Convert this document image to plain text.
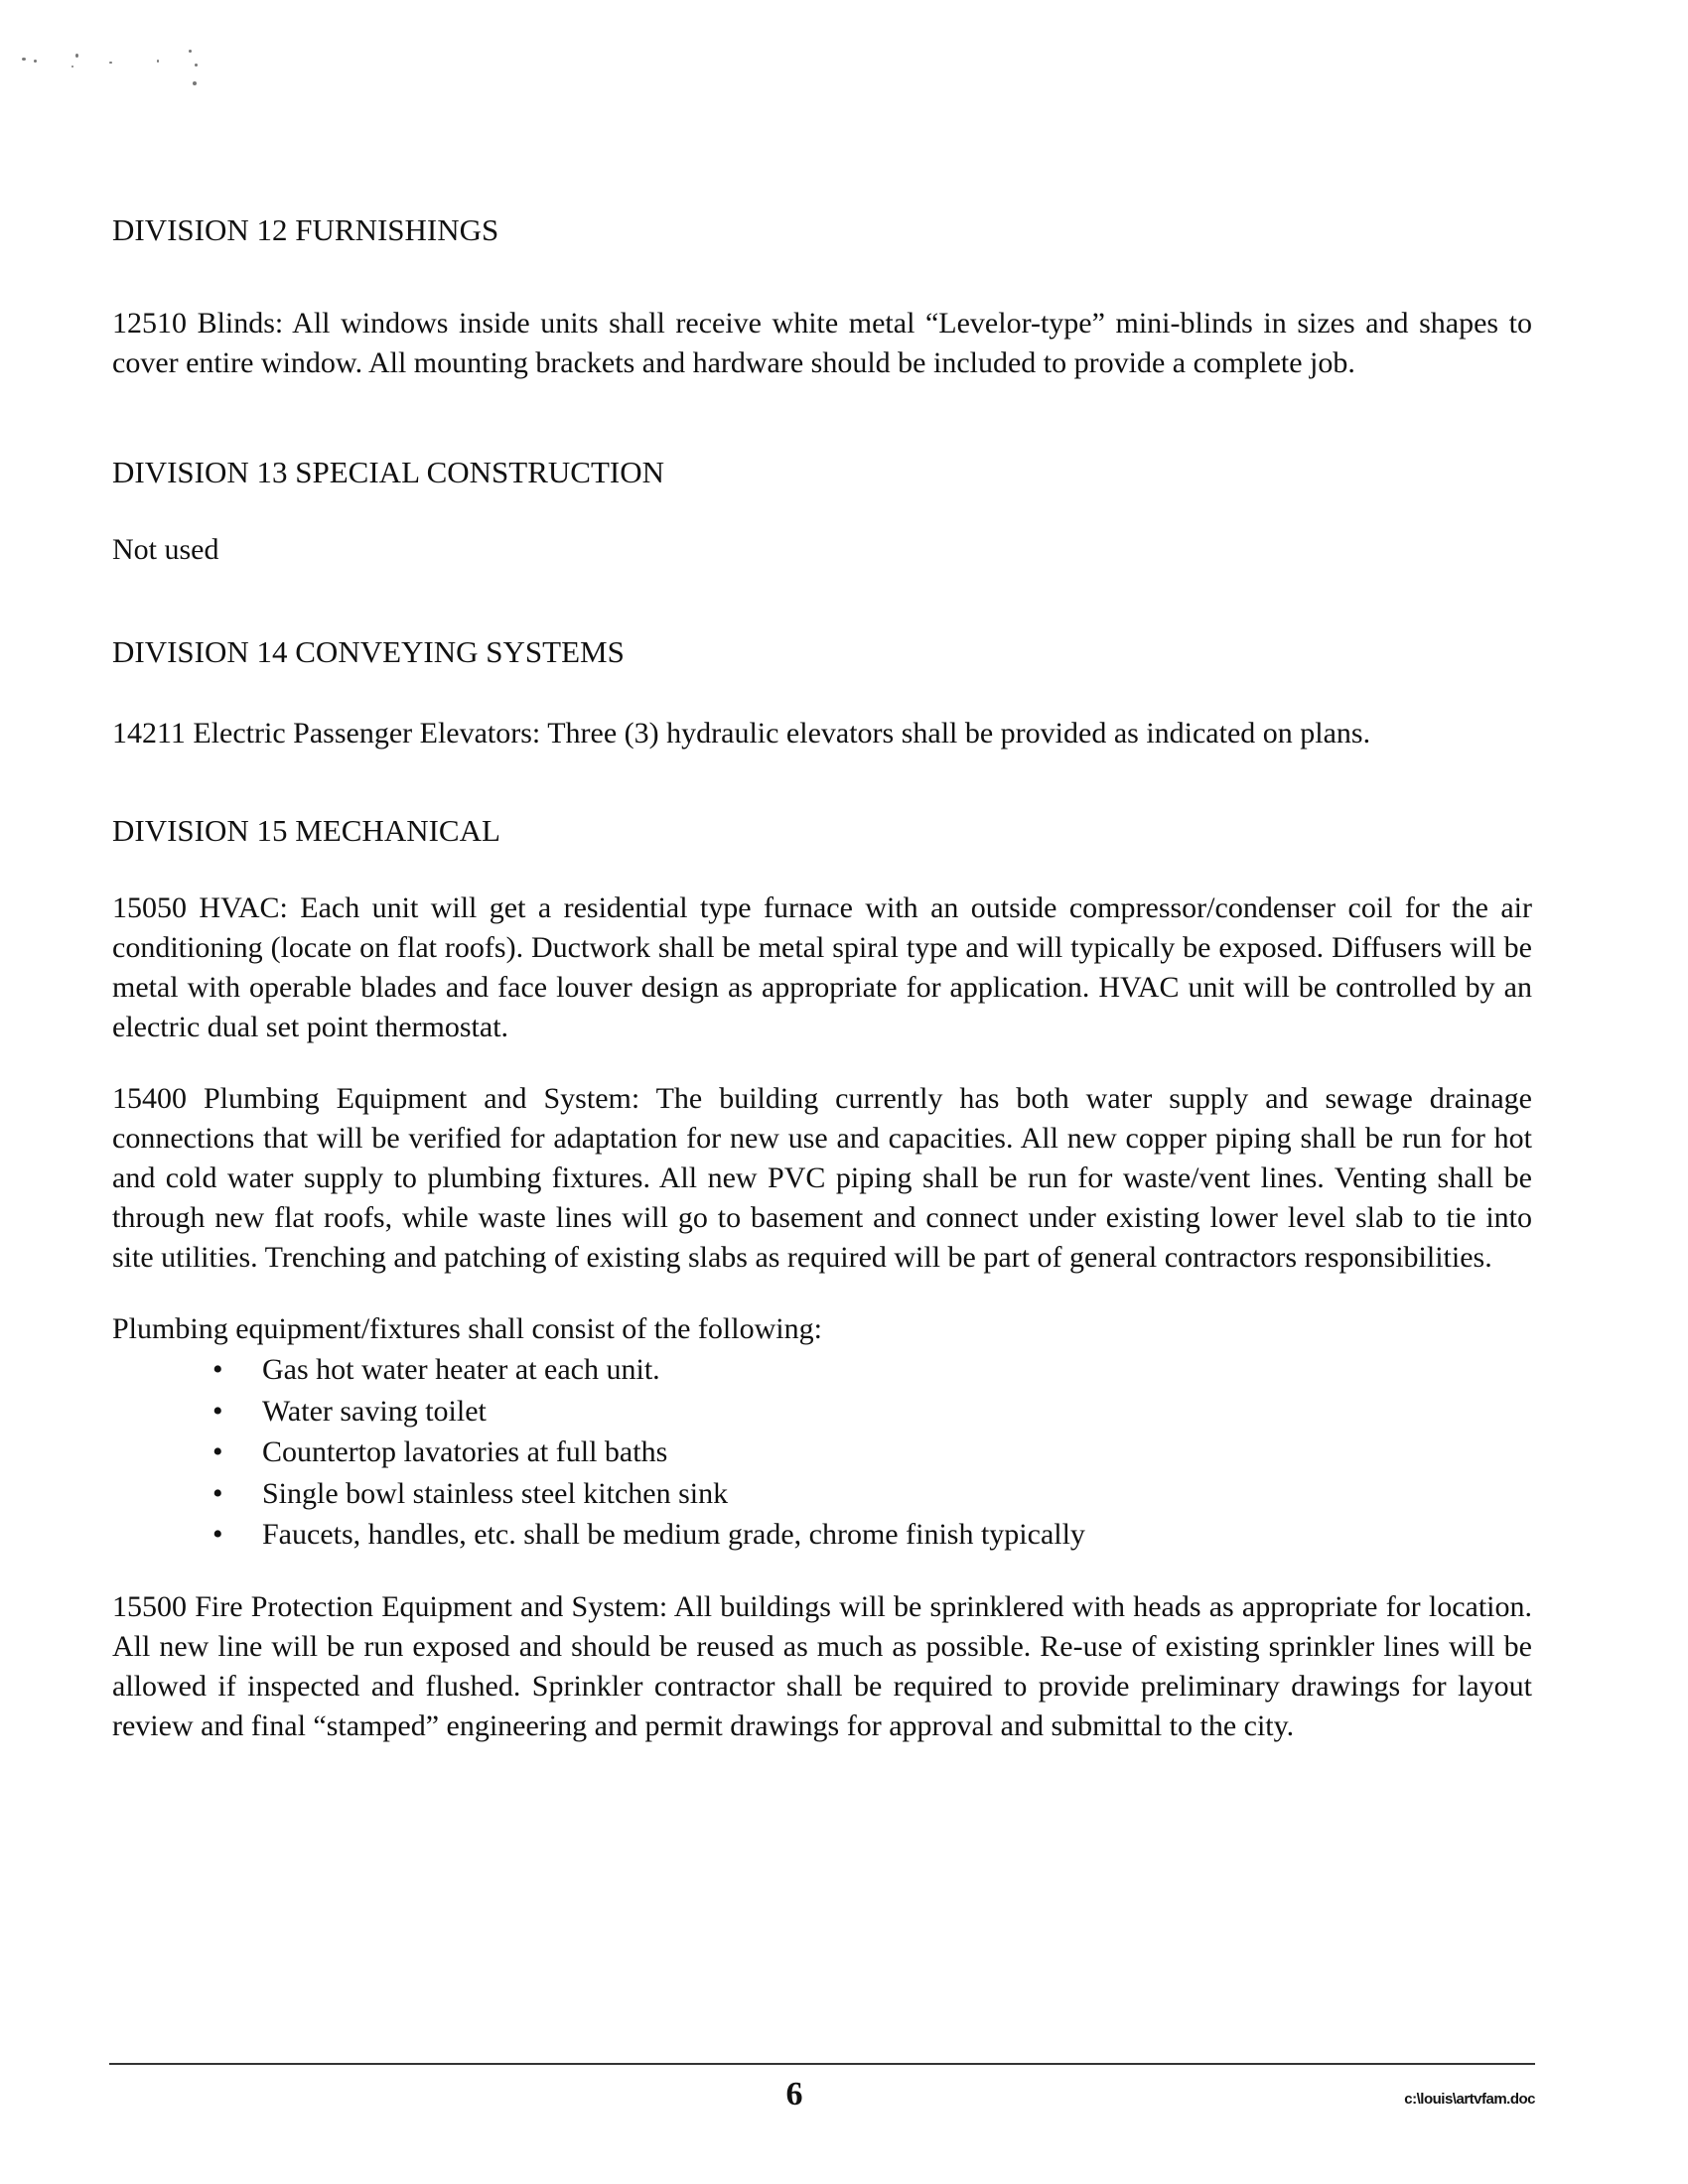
DIVISION 12 FURNISHINGS

12510 Blinds: All windows inside units shall receive white metal “Levelor-type” mini-blinds in sizes and shapes to cover entire window. All mounting brackets and hardware should be included to provide a complete job.

DIVISION 13 SPECIAL CONSTRUCTION

Not used

DIVISION 14 CONVEYING SYSTEMS

14211 Electric Passenger Elevators: Three (3) hydraulic elevators shall be provided as indicated on plans.

DIVISION 15 MECHANICAL

15050 HVAC: Each unit will get a residential type furnace with an outside compressor/condenser coil for the air conditioning (locate on flat roofs). Ductwork shall be metal spiral type and will typically be exposed. Diffusers will be metal with operable blades and face louver design as appropriate for application. HVAC unit will be controlled by an electric dual set point thermostat.

15400 Plumbing Equipment and System: The building currently has both water supply and sewage drainage connections that will be verified for adaptation for new use and capacities. All new copper piping shall be run for hot and cold water supply to plumbing fixtures. All new PVC piping shall be run for waste/vent lines. Venting shall be through new flat roofs, while waste lines will go to basement and connect under existing lower level slab to tie into site utilities. Trenching and patching of existing slabs as required will be part of general contractors responsibilities.

Plumbing equipment/fixtures shall consist of the following:

• Gas hot water heater at each unit.
• Water saving toilet
• Countertop lavatories at full baths
• Single bowl stainless steel kitchen sink
• Faucets, handles, etc. shall be medium grade, chrome finish typically

15500 Fire Protection Equipment and System: All buildings will be sprinklered with heads as appropriate for location. All new line will be run exposed and should be reused as much as possible. Re-use of existing sprinkler lines will be allowed if inspected and flushed. Sprinkler contractor shall be required to provide preliminary drawings for layout review and final “stamped” engineering and permit drawings for approval and submittal to the city.

6	c:\louis\artvfam.doc
